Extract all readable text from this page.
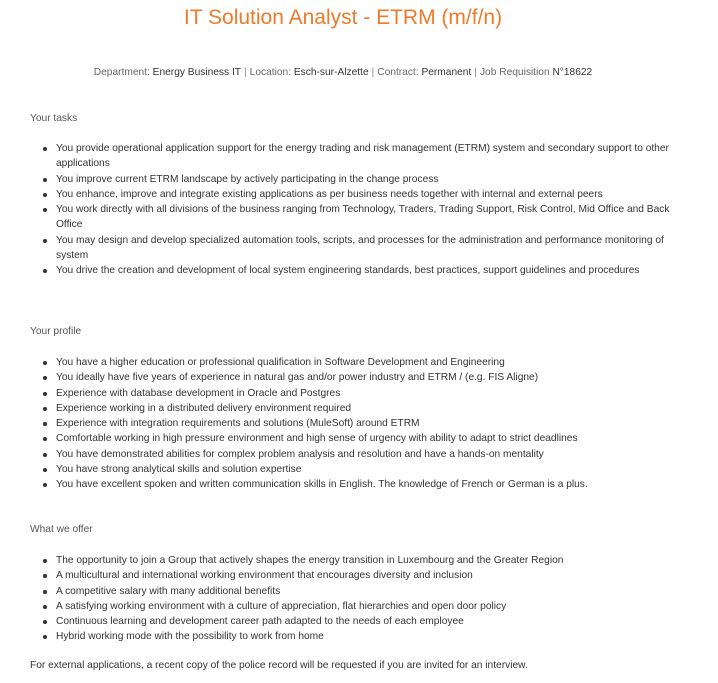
IT Solution Analyst - ETRM (m/f/n)
Department: Energy Business IT | Location: Esch-sur-Alzette | Contract: Permanent | Job Requisition N°18622
Your tasks
You provide operational application support for the energy trading and risk management (ETRM) system and secondary support to other applications
You improve current ETRM landscape by actively participating in the change process
You enhance, improve and integrate existing applications as per business needs together with internal and external peers
You work directly with all divisions of the business ranging from Technology, Traders, Trading Support, Risk Control, Mid Office and Back Office
You may design and develop specialized automation tools, scripts, and processes for the administration and performance monitoring of system
You drive the creation and development of local system engineering standards, best practices, support guidelines and procedures
Your profile
You have a higher education or professional qualification in Software Development and Engineering
You ideally have five years of experience in natural gas and/or power industry and ETRM / (e.g. FIS Aligne)
Experience with database development in Oracle and Postgres
Experience working in a distributed delivery environment required
Experience with integration requirements and solutions (MuleSoft) around ETRM
Comfortable working in high pressure environment and high sense of urgency with ability to adapt to strict deadlines
You have demonstrated abilities for complex problem analysis and resolution and have a hands-on mentality
You have strong analytical skills and solution expertise
You have excellent spoken and written communication skills in English. The knowledge of French or German is a plus.
What we offer
The opportunity to join a Group that actively shapes the energy transition in Luxembourg and the Greater Region
A multicultural and international working environment that encourages diversity and inclusion
A competitive salary with many additional benefits
A satisfying working environment with a culture of appreciation, flat hierarchies and open door policy
Continuous learning and development career path adapted to the needs of each employee
Hybrid working mode with the possibility to work from home
For external applications, a recent copy of the police record will be requested if you are invited for an interview.
